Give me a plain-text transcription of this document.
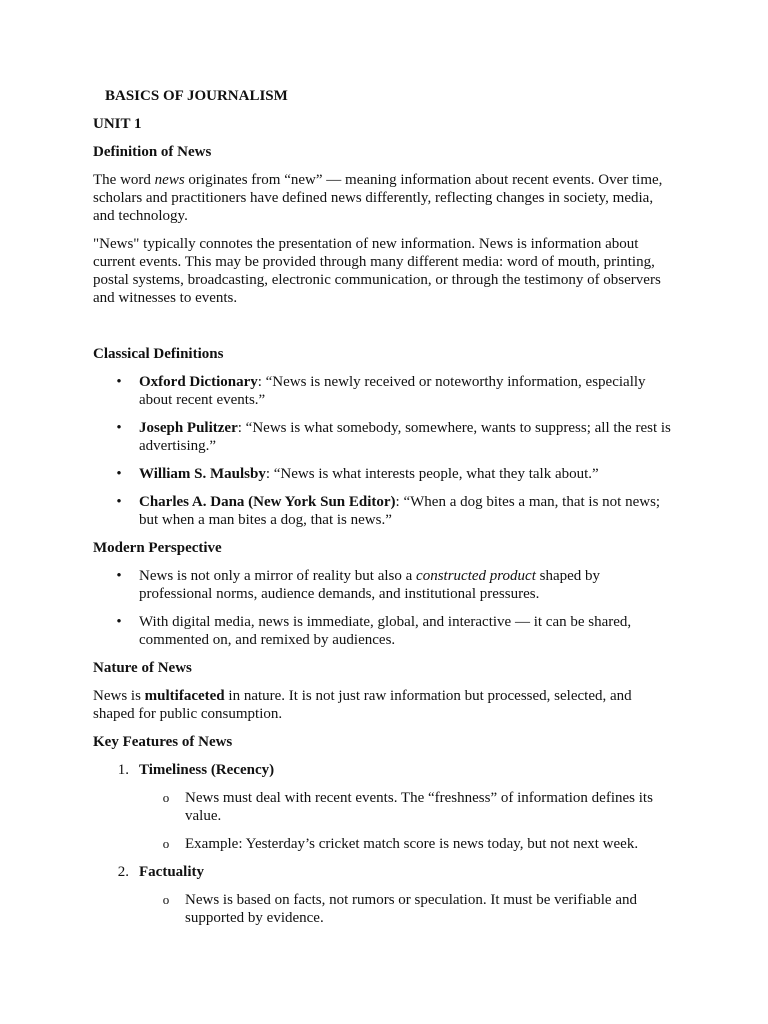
BASICS OF JOURNALISM
UNIT 1
Definition of News
The word news originates from “new” — meaning information about recent events. Over time, scholars and practitioners have defined news differently, reflecting changes in society, media, and technology.
"News" typically connotes the presentation of new information. News is information about current events. This may be provided through many different media: word of mouth, printing, postal systems, broadcasting, electronic communication, or through the testimony of observers and witnesses to events.
Classical Definitions
• Oxford Dictionary: “News is newly received or noteworthy information, especially about recent events.”
• Joseph Pulitzer: “News is what somebody, somewhere, wants to suppress; all the rest is advertising.”
• William S. Maulsby: “News is what interests people, what they talk about.”
• Charles A. Dana (New York Sun Editor): “When a dog bites a man, that is not news; but when a man bites a dog, that is news.”
Modern Perspective
• News is not only a mirror of reality but also a constructed product shaped by professional norms, audience demands, and institutional pressures.
• With digital media, news is immediate, global, and interactive — it can be shared, commented on, and remixed by audiences.
Nature of News
News is multifaceted in nature. It is not just raw information but processed, selected, and shaped for public consumption.
Key Features of News
1. Timeliness (Recency)
o News must deal with recent events. The “freshness” of information defines its value.
o Example: Yesterday’s cricket match score is news today, but not next week.
2. Factuality
o News is based on facts, not rumors or speculation. It must be verifiable and supported by evidence.
